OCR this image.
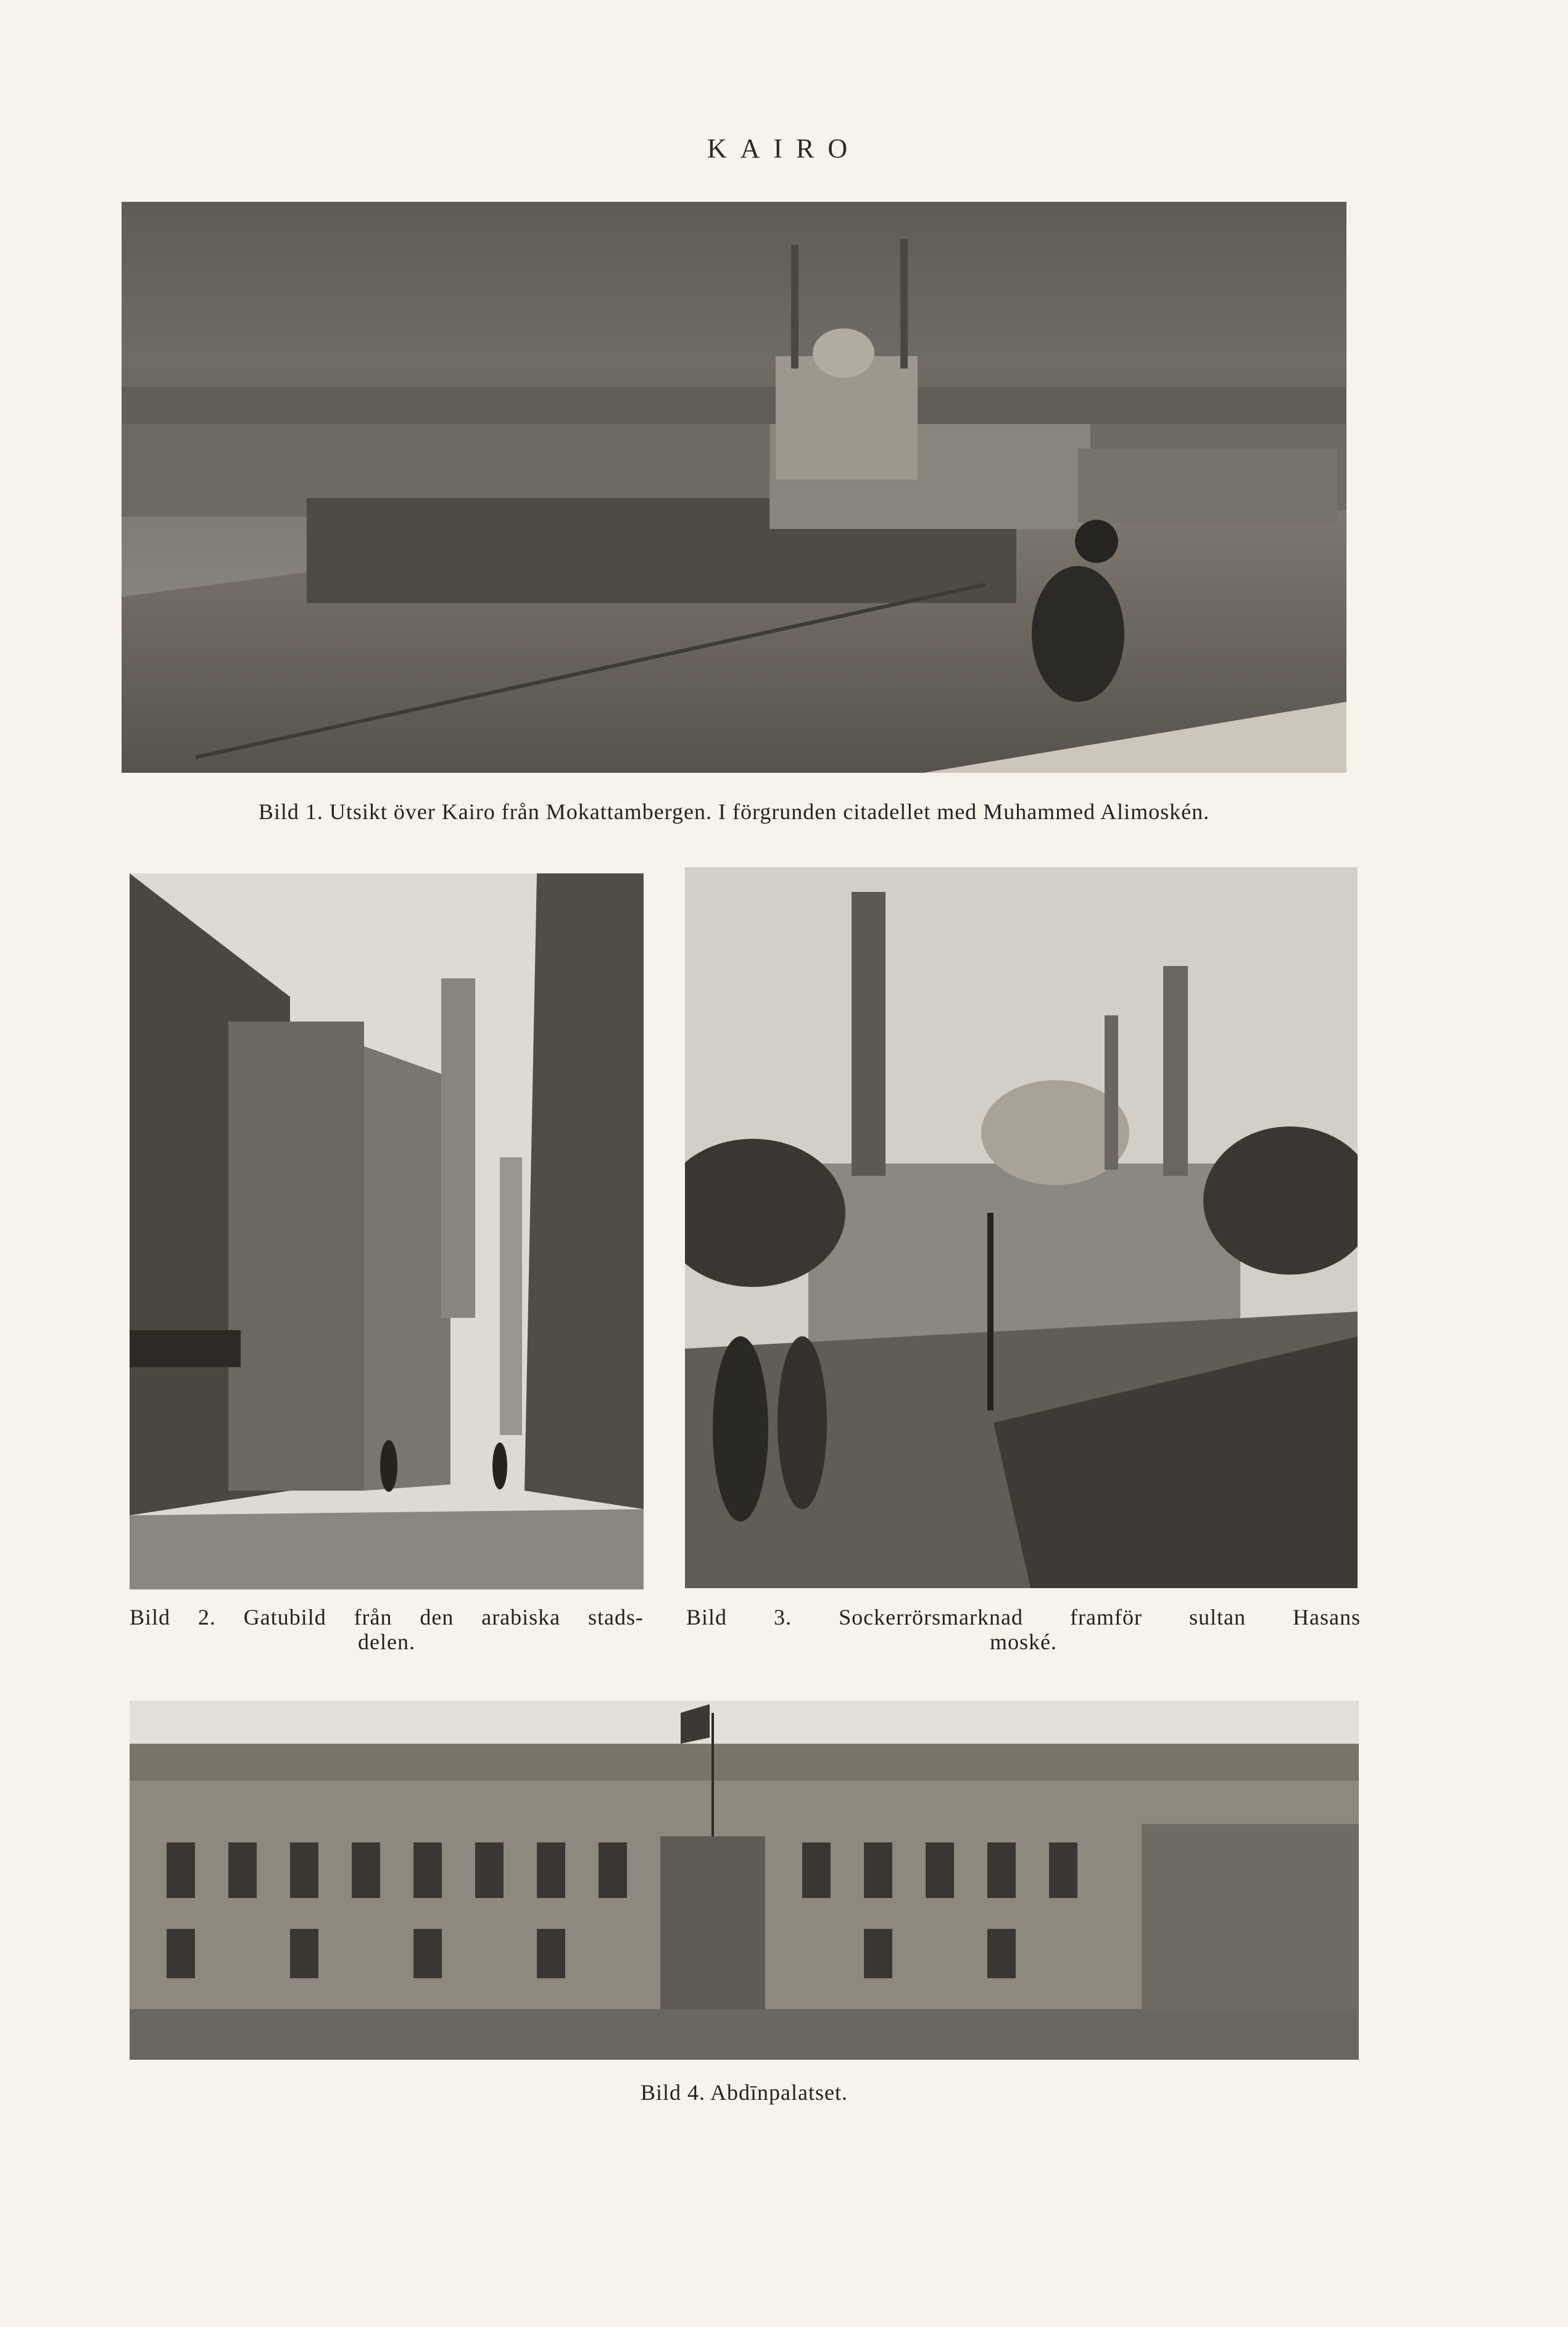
KAIRO
Bild 1. Utsikt över Kairo från Mokattambergen. I förgrunden citadellet med Muhammed Alimoskén.
Bild 2. Gatubild från den arabiska stads-
delen.
Bild 3. Sockerrörsmarknad framför sultan Hasans
moské.
Bild 4. Abdīnpalatset.
